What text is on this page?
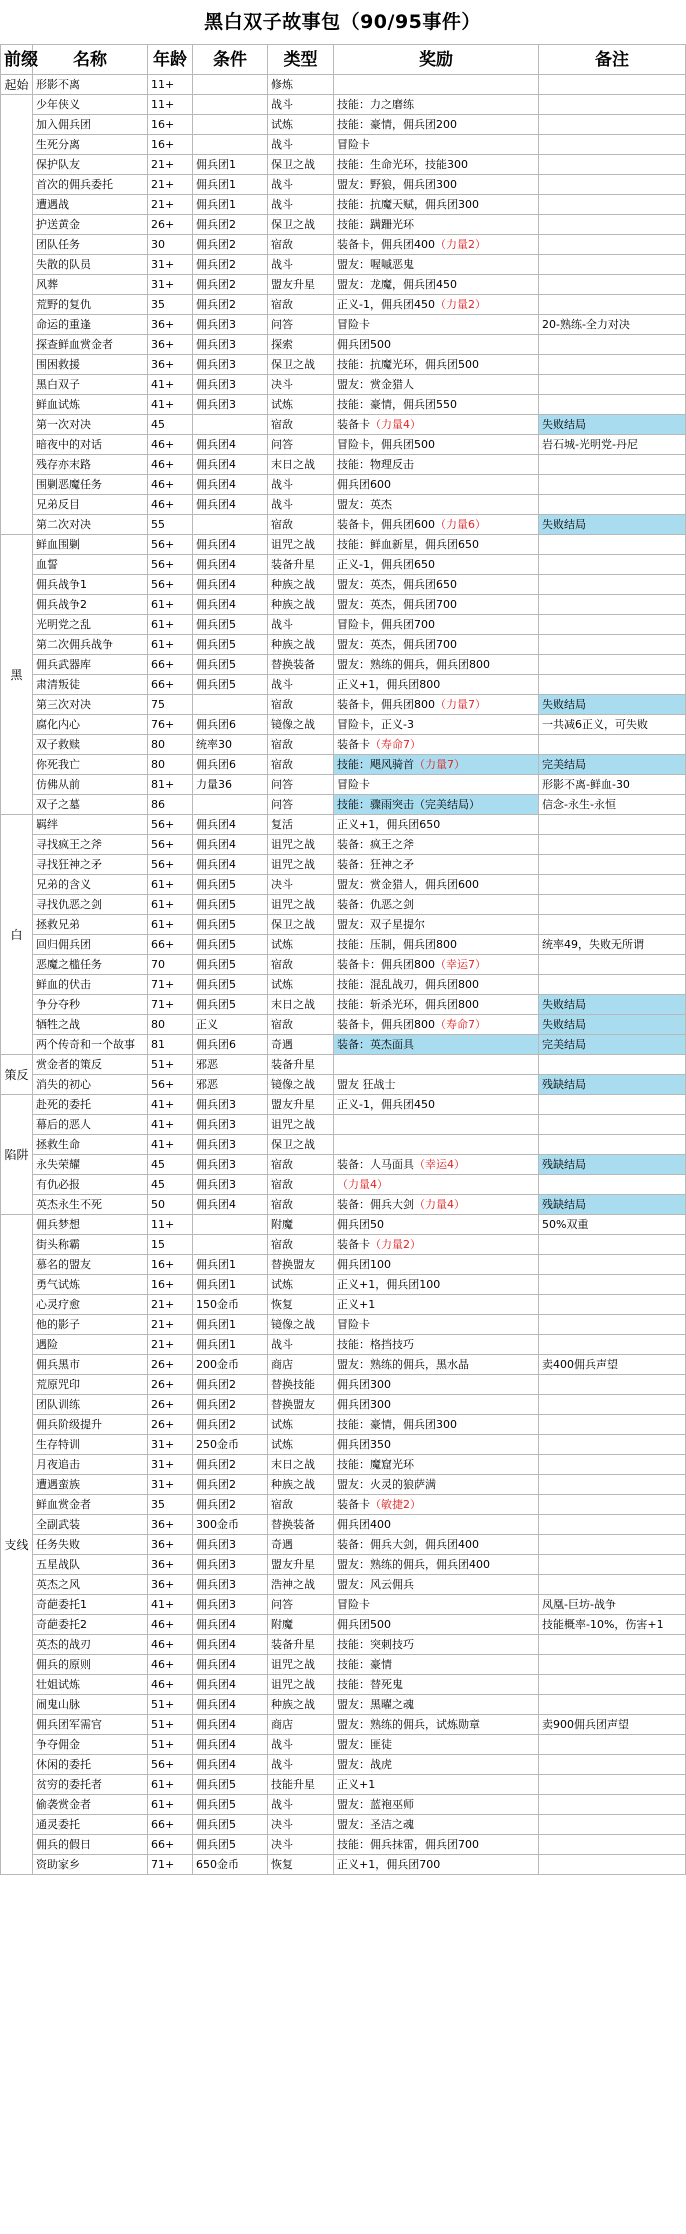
黑白双子故事包（90/95事件）
前缀	名称	年龄	条件	类型	奖励	备注
起始	形影不离	11+		修炼		
	少年侠义	11+		战斗	技能：力之磨练	
	加入佣兵团	16+		试炼	技能：豪情，佣兵团200	
	生死分离	16+		战斗	冒险卡	
	保护队友	21+	佣兵团1	保卫之战	技能：生命光环，技能300	
	首次的佣兵委托	21+	佣兵团1	战斗	盟友：野狼，佣兵团300	
	遭遇战	21+	佣兵团1	战斗	技能：抗魔天赋，佣兵团300	
	护送黄金	26+	佣兵团2	保卫之战	技能：蹒跚光环	
	团队任务	30	佣兵团2	宿敌	装备卡，佣兵团400（力量2）	
	失散的队员	31+	佣兵团2	战斗	盟友：喔嘁恶鬼	
	风葬	31+	佣兵团2	盟友升星	盟友：龙魔，佣兵团450	
	荒野的复仇	35	佣兵团2	宿敌	正义-1，佣兵团450（力量2）	
	命运的重逢	36+	佣兵团3	问答	冒险卡	20-熟练-全力对决
	探查鲜血赏金者	36+	佣兵团3	探索	佣兵团500	
	围困救援	36+	佣兵团3	保卫之战	技能：抗魔光环，佣兵团500	
	黑白双子	41+	佣兵团3	决斗	盟友：赏金猎人	
	鲜血试炼	41+	佣兵团3	试炼	技能：豪情，佣兵团550	
	第一次对决	45		宿敌	装备卡（力量4）	失败结局
	暗夜中的对话	46+	佣兵团4	问答	冒险卡，佣兵团500	岩石城-光明党-丹尼
	残存亦末路	46+	佣兵团4	末日之战	技能：物理反击	
	围剿恶魔任务	46+	佣兵团4	战斗	佣兵团600	
	兄弟反目	46+	佣兵团4	战斗	盟友：英杰	
	第二次对决	55		宿敌	装备卡，佣兵团600（力量6）	失败结局
黑	鲜血围剿	56+	佣兵团4	诅咒之战	技能：鲜血新星，佣兵团650	
	血誓	56+	佣兵团4	装备升星	正义-1，佣兵团650	
	佣兵战争1	56+	佣兵团4	种族之战	盟友：英杰，佣兵团650	
	佣兵战争2	61+	佣兵团4	种族之战	盟友：英杰，佣兵团700	
	光明党之乱	61+	佣兵团5	战斗	冒险卡，佣兵团700	
	第二次佣兵战争	61+	佣兵团5	种族之战	盟友：英杰，佣兵团700	
	佣兵武器库	66+	佣兵团5	替换装备	盟友：熟练的佣兵，佣兵团800	
	肃清叛徒	66+	佣兵团5	战斗	正义+1，佣兵团800	
	第三次对决	75		宿敌	装备卡，佣兵团800（力量7）	失败结局
	腐化内心	76+	佣兵团6	镜像之战	冒险卡，正义-3	一共减6正义，可失败
	双子救赎	80	统率30	宿敌	装备卡（寿命7）	
	你死我亡	80	佣兵团6	宿敌	技能：飓风骑首（力量7）	完美结局
	仿佛从前	81+	力量36	问答	冒险卡	形影不离-鲜血-30
	双子之墓	86		问答	技能：骤雨突击（完美结局）	信念-永生-永恒
白	羁绊	56+	佣兵团4	复活	正义+1，佣兵团650	
	寻找疯王之斧	56+	佣兵团4	诅咒之战	装备：疯王之斧	
	寻找狂神之矛	56+	佣兵团4	诅咒之战	装备：狂神之矛	
	兄弟的含义	61+	佣兵团5	决斗	盟友：赏金猎人，佣兵团600	
	寻找仇恶之剑	61+	佣兵团5	诅咒之战	装备：仇恶之剑	
	拯救兄弟	61+	佣兵团5	保卫之战	盟友：双子星提尔	
	回归佣兵团	66+	佣兵团5	试炼	技能：压制，佣兵团800	统率49，失败无所谓
	恶魔之槛任务	70	佣兵团5	宿敌	装备卡：佣兵团800（幸运7）	
	鲜血的伏击	71+	佣兵团5	试炼	技能：混乱战刃，佣兵团800	
	争分夺秒	71+	佣兵团5	末日之战	技能：斩杀光环，佣兵团800	失败结局
	牺牲之战	80	正义	宿敌	装备卡，佣兵团800（寿命7）	失败结局
	两个传奇和一个故事	81	佣兵团6	奇遇	装备：英杰面具	完美结局
策反	赏金者的策反	51+	邪恶	装备升星		
	消失的初心	56+	邪恶	镜像之战	盟友 狂战士	残缺结局
陷阱	赴死的委托	41+	佣兵团3	盟友升星	正义-1，佣兵团450	
	幕后的恶人	41+	佣兵团3	诅咒之战		
	拯救生命	41+	佣兵团3	保卫之战		
	永失荣耀	45	佣兵团3	宿敌	装备：人马面具（幸运4）	残缺结局
	有仇必报	45	佣兵团3	宿敌	（力量4）	
	英杰永生不死	50	佣兵团4	宿敌	装备：佣兵大剑（力量4）	残缺结局
支线	佣兵梦想	11+		附魔	佣兵团50	50%双重
	街头称霸	15		宿敌	装备卡（力量2）	
	慕名的盟友	16+	佣兵团1	替换盟友	佣兵团100	
	勇气试炼	16+	佣兵团1	试炼	正义+1，佣兵团100	
	心灵疗愈	21+	150金币	恢复	正义+1	
	他的影子	21+	佣兵团1	镜像之战	冒险卡	
	遇险	21+	佣兵团1	战斗	技能：格挡技巧	
	佣兵黑市	26+	200金币	商店	盟友：熟练的佣兵，黑水晶	卖400佣兵声望
	荒原咒印	26+	佣兵团2	替换技能	佣兵团300	
	团队训练	26+	佣兵团2	替换盟友	佣兵团300	
	佣兵阶级提升	26+	佣兵团2	试炼	技能：豪情，佣兵团300	
	生存特训	31+	250金币	试炼	佣兵团350	
	月夜追击	31+	佣兵团2	末日之战	技能：魔窟光环	
	遭遇蛮族	31+	佣兵团2	种族之战	盟友：火灵的狼萨满	
	鲜血赏金者	35	佣兵团2	宿敌	装备卡（敏捷2）	
	全副武装	36+	300金币	替换装备	佣兵团400	
	任务失败	36+	佣兵团3	奇遇	装备：佣兵大剑，佣兵团400	
	五星战队	36+	佣兵团3	盟友升星	盟友：熟练的佣兵，佣兵团400	
	英杰之风	36+	佣兵团3	浩神之战	盟友：风云佣兵	
	奇葩委托1	41+	佣兵团3	问答	冒险卡	凤凰-巨坊-战争
	奇葩委托2	46+	佣兵团4	附魔	佣兵团500	技能概率-10%，伤害+1
	英杰的战刃	46+	佣兵团4	装备升星	技能：突刺技巧	
	佣兵的原则	46+	佣兵团4	诅咒之战	技能：豪情	
	壮姐试炼	46+	佣兵团4	诅咒之战	技能：替死鬼	
	闹鬼山脉	51+	佣兵团4	种族之战	盟友：黑曜之魂	
	佣兵团军需官	51+	佣兵团4	商店	盟友：熟练的佣兵，试炼勋章	卖900佣兵团声望
	争夺佣金	51+	佣兵团4	战斗	盟友：匪徒	
	休闲的委托	56+	佣兵团4	战斗	盟友：战虎	
	贫穷的委托者	61+	佣兵团5	技能升星	正义+1	
	偷袭赏金者	61+	佣兵团5	战斗	盟友：蓝袍巫师	
	通灵委托	66+	佣兵团5	决斗	盟友：圣洁之魂	
	佣兵的假日	66+	佣兵团5	决斗	技能：佣兵抹雷，佣兵团700	
	资助家乡	71+	650金币	恢复	正义+1，佣兵团700	
